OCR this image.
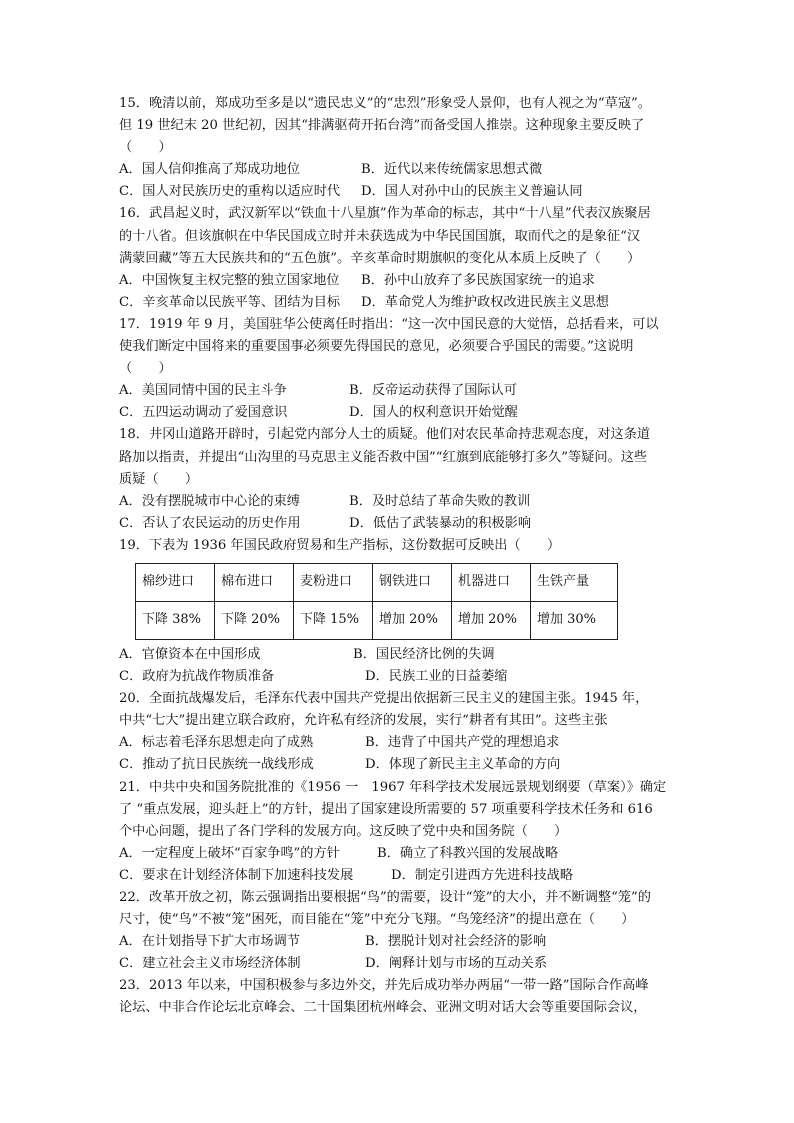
15．晚清以前，郑成功至多是以“遗民忠义”的“忠烈”形象受人景仰，也有人视之为“草寇”。
但 19 世纪末 20 世纪初，因其“排满驱荷开拓台湾”而备受国人推崇。这种现象主要反映了
（　　）
A．国人信仰推高了郑成功地位	B．近代以来传统儒家思想式微
C．国人对民族历史的重构以适应时代	D．国人对孙中山的民族主义普遍认同
16．武昌起义时，武汉新军以“铁血十八星旗”作为革命的标志，其中“十八星”代表汉族聚居
的十八省。但该旗帜在中华民国成立时并未获选成为中华民国国旗，取而代之的是象征“汉
满蒙回藏”等五大民族共和的“五色旗”。辛亥革命时期旗帜的变化从本质上反映了（　　）
A．中国恢复主权完整的独立国家地位	B．孙中山放弃了多民族国家统一的追求
C．辛亥革命以民族平等、团结为目标	D．革命党人为维护政权改进民族主义思想
17．1919 年 9 月，美国驻华公使离任时指出：“这一次中国民意的大觉悟，总括看来，可以
使我们断定中国将来的重要国事必须要先得国民的意见，必须要合乎国民的需要。”这说明
（　　）
A．美国同情中国的民主斗争	B．反帝运动获得了国际认可
C．五四运动调动了爱国意识	D．国人的权利意识开始觉醒
18．井冈山道路开辟时，引起党内部分人士的质疑。他们对农民革命持悲观态度，对这条道
路加以指责，并提出“山沟里的马克思主义能否救中国”“红旗到底能够打多久”等疑问。这些
质疑（　　）
A．没有摆脱城市中心论的束缚	B．及时总结了革命失败的教训
C．否认了农民运动的历史作用	D．低估了武装暴动的积极影响
19．下表为 1936 年国民政府贸易和生产指标，这份数据可反映出（　　）
棉纱进口	棉布进口	麦粉进口	钢铁进口	机器进口	生铁产量
下降 38%	下降 20%	下降 15%	增加 20%	增加 20%	增加 30%
A．官僚资本在中国形成	B．国民经济比例的失调
C．政府为抗战作物质准备	D．民族工业的日益萎缩
20．全面抗战爆发后，毛泽东代表中国共产党提出依据新三民主义的建国主张。1945 年，
中共“七大”提出建立联合政府，允许私有经济的发展，实行“耕者有其田”。这些主张
A．标志着毛泽东思想走向了成熟	B．违背了中国共产党的理想追求
C．推动了抗日民族统一战线形成	D．体现了新民主主义革命的方向
21．中共中央和国务院批准的《1956 一　1967 年科学技术发展远景规划纲要（草案）》确定
了 “重点发展，迎头赶上”的方针，提出了国家建设所需要的 57 项重要科学技术任务和 616
个中心问题，提出了各门学科的发展方向。这反映了党中央和国务院（　　）
A．一定程度上破坏“百家争鸣”的方针	B．确立了科教兴国的发展战略
C．要求在计划经济体制下加速科技发展	D．制定引进西方先进科技战略
22．改革开放之初，陈云强调指出要根据“鸟”的需要，设计“笼”的大小，并不断调整“笼”的
尺寸，使“鸟”不被“笼”困死，而目能在“笼”中充分飞翔。“鸟笼经济”的提出意在（　　）
A．在计划指导下扩大市场调节	B．摆脱计划对社会经济的影响
C．建立社会主义市场经济体制	D．阐释计划与市场的互动关系
23．2013 年以来，中国积极参与多边外交，并先后成功举办两届“一带一路”国际合作高峰
论坛、中非合作论坛北京峰会、二十国集团杭州峰会、亚洲文明对话大会等重要国际会议，
